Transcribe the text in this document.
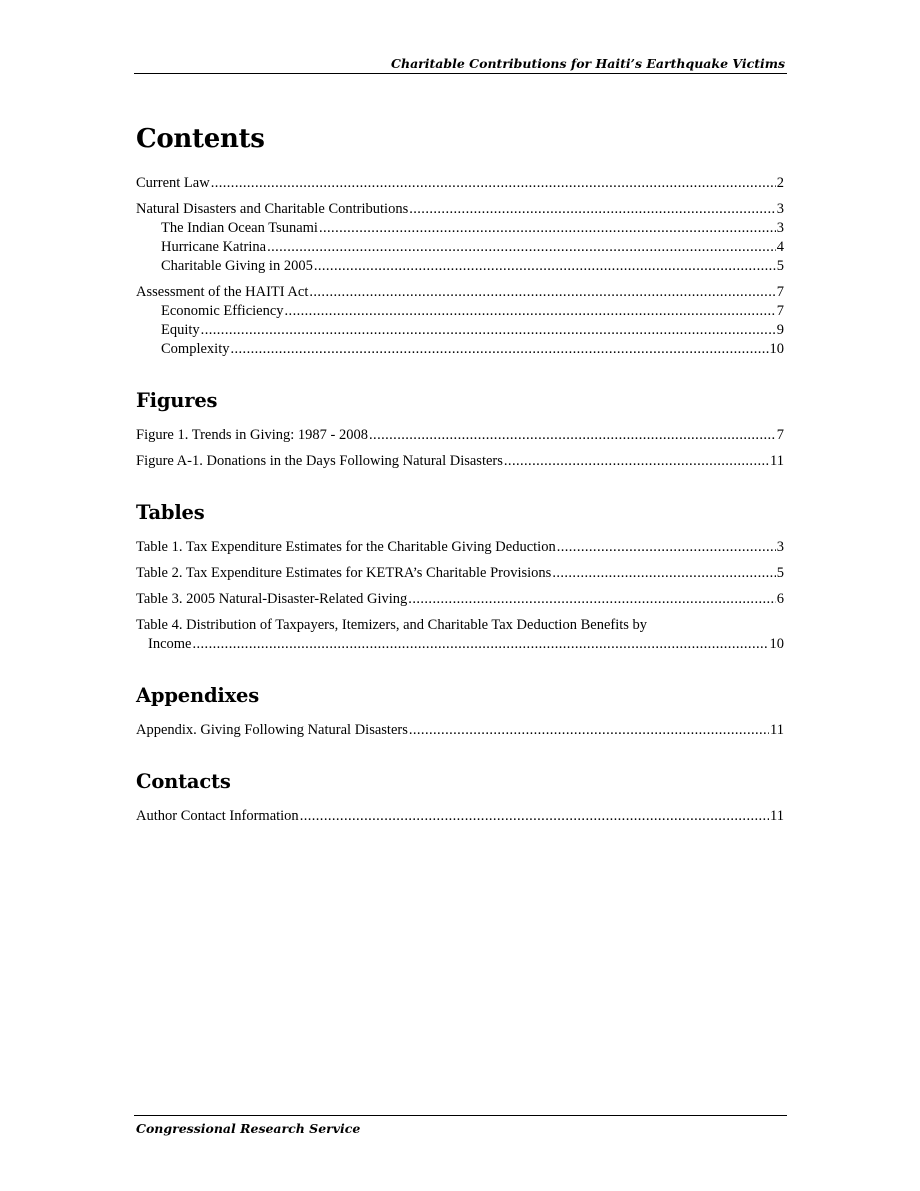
Charitable Contributions for Haiti’s Earthquake Victims
Contents
Current Law .....	2
Natural Disasters and Charitable Contributions .....	3
The Indian Ocean Tsunami .....	3
Hurricane Katrina .....	4
Charitable Giving in 2005 .....	5
Assessment of the HAITI Act .....	7
Economic Efficiency .....	7
Equity .....	9
Complexity .....	10
Figures
Figure 1. Trends in Giving: 1987 - 2008 .....	7
Figure A-1. Donations in the Days Following Natural Disasters .....	11
Tables
Table 1. Tax Expenditure Estimates for the Charitable Giving Deduction .....	3
Table 2. Tax Expenditure Estimates for KETRA’s Charitable Provisions .....	5
Table 3. 2005 Natural-Disaster-Related Giving .....	6
Table 4. Distribution of Taxpayers, Itemizers, and Charitable Tax Deduction Benefits by
Income .....	10
Appendixes
Appendix. Giving Following Natural Disasters .....	11
Contacts
Author Contact Information .....	11
Congressional Research Service
